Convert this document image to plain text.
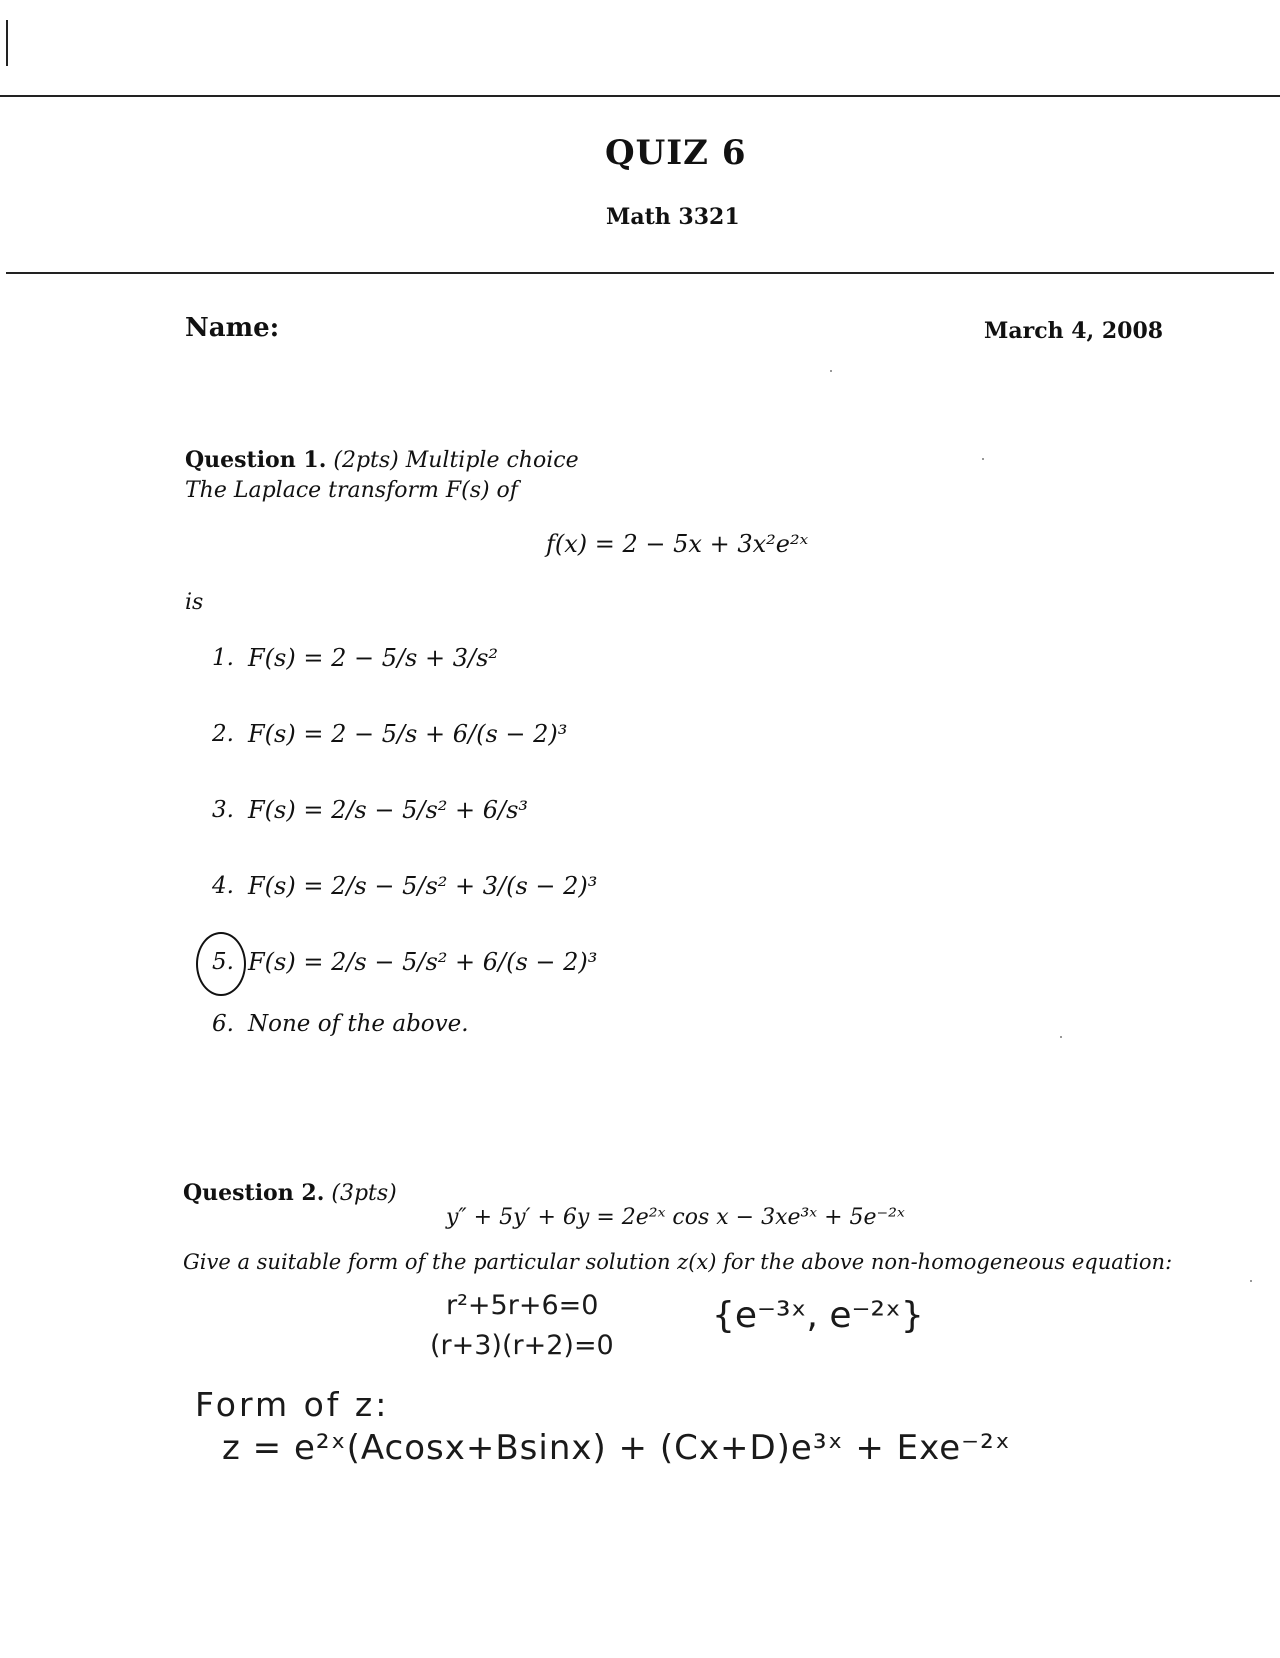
QUIZ 6
Math 3321
Name:	March 4, 2008
Question 1. (2pts) Multiple choice
The Laplace transform F(s) of
f(x) = 2 − 5x + 3x²e²ˣ
is
1. F(s) = 2 − 5/s + 3/s²
2. F(s) = 2 − 5/s + 6/(s − 2)³
3. F(s) = 2/s − 5/s² + 6/s³
4. F(s) = 2/s − 5/s² + 3/(s − 2)³
5. F(s) = 2/s − 5/s² + 6/(s − 2)³
6. None of the above.
Question 2. (3pts)
y″ + 5y′ + 6y = 2e²ˣ cos x − 3xe³ˣ + 5e⁻²ˣ
Give a suitable form of the particular solution z(x) for the above non-homogeneous equation:
r²+5r+6=0
(r+3)(r+2)=0
{e⁻³ˣ, e⁻²ˣ}
Form of z:
z = e²ˣ(Acosx+Bsinx) + (Cx+D)e³ˣ + Exe⁻²ˣ
